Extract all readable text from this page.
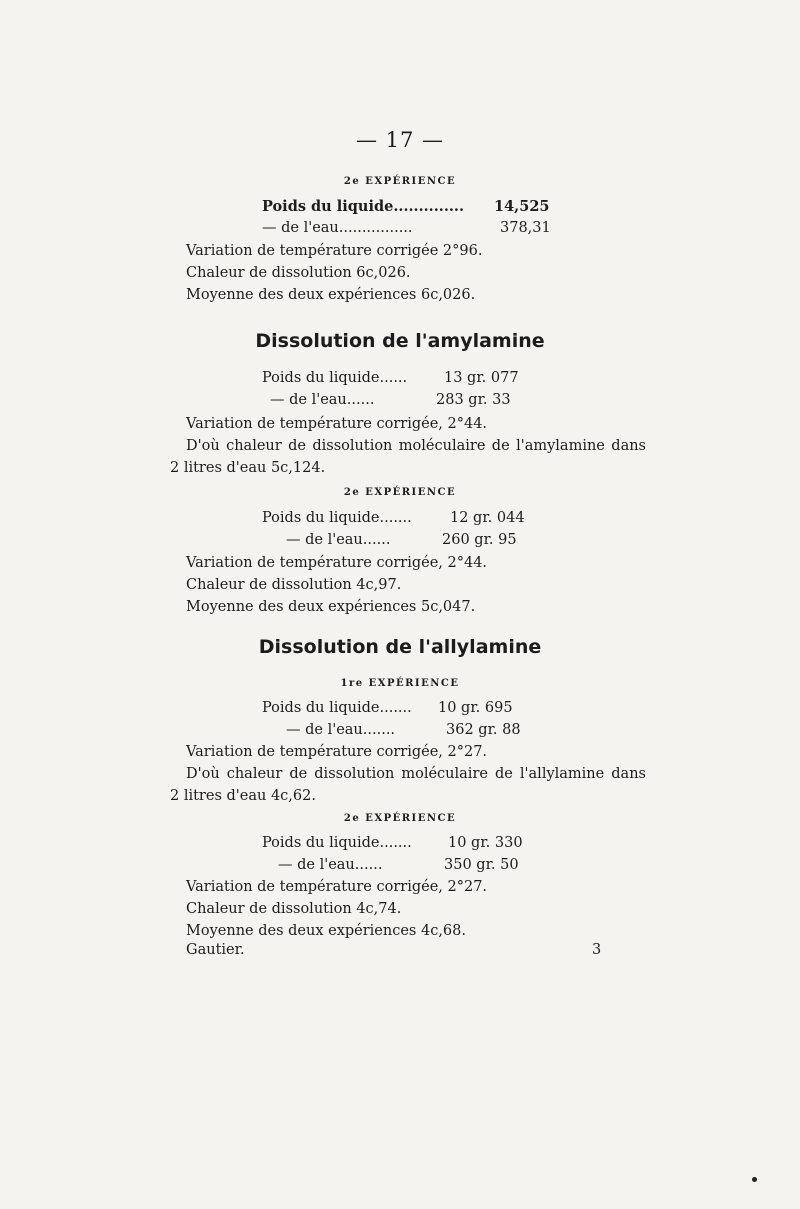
— 17 —
2e EXPÉRIENCE
Poids du liquide.............. 14,525
— de l'eau................	378,31
Variation de température corrigée 2°96.
Chaleur de dissolution 6c,026.
Moyenne des deux expériences 6c,026.
Dissolution de l'amylamine
Poids du liquide......	13 gr. 077
— de l'eau......	283 gr. 33
Variation de température corrigée, 2°44.
D'où chaleur de dissolution moléculaire de l'amylamine dans
2 litres d'eau 5c,124.
2e EXPÉRIENCE
Poids du liquide.......	12 gr. 044
— de l'eau......	260 gr. 95
Variation de température corrigée, 2°44.
Chaleur de dissolution 4c,97.
Moyenne des deux expériences 5c,047.
Dissolution de l'allylamine
1re EXPÉRIENCE
Poids du liquide....... 10 gr. 695
— de l'eau.......	362 gr. 88
Variation de température corrigée, 2°27.
D'où chaleur de dissolution moléculaire de l'allylamine dans
2 litres d'eau 4c,62.
2e EXPÉRIENCE
Poids du liquide....... 10 gr. 330
— de l'eau......	350 gr. 50
Variation de température corrigée, 2°27.
Chaleur de dissolution 4c,74.
Moyenne des deux expériences 4c,68.
Gautier.	3
